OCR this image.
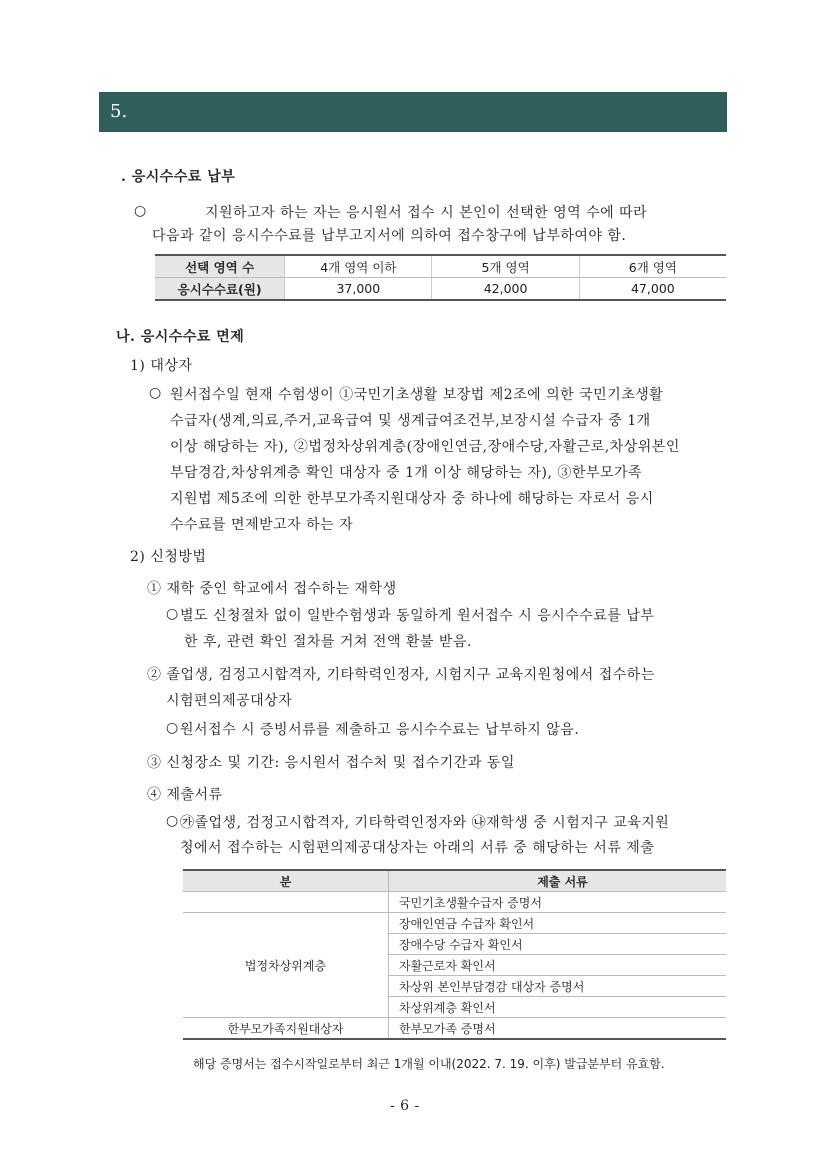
5.
. 응시수수료 납부
○	지원하고자 하는 자는 응시원서 접수 시 본인이 선택한 영역 수에 따라
다음과 같이 응시수수료를 납부고지서에 의하여 접수창구에 납부하여야 함.
선택 영역 수	4개 영역 이하	5개 영역	6개 영역
응시수수료(원)	37,000	42,000	47,000
나. 응시수수료 면제
1) 대상자
○ 원서접수일 현재 수험생이 ①국민기초생활 보장법 제2조에 의한 국민기초생활
수급자(생계,의료,주거,교육급여 및 생계급여조건부,보장시설 수급자 중 1개
이상 해당하는 자), ②법정차상위계층(장애인연금,장애수당,자활근로,차상위본인
부담경감,차상위계층 확인 대상자 중 1개 이상 해당하는 자), ③한부모가족
지원법 제5조에 의한 한부모가족지원대상자 중 하나에 해당하는 자로서 응시
수수료를 면제받고자 하는 자
2) 신청방법
① 재학 중인 학교에서 접수하는 재학생
○ 별도 신청절차 없이 일반수험생과 동일하게 원서접수 시 응시수수료를 납부
한 후, 관련 확인 절차를 거쳐 전액 환불 받음.
② 졸업생, 검정고시합격자, 기타학력인정자, 시험지구 교육지원청에서 접수하는
시험편의제공대상자
○ 원서접수 시 증빙서류를 제출하고 응시수수료는 납부하지 않음.
③ 신청장소 및 기간: 응시원서 접수처 및 접수기간과 동일
④ 제출서류
○ ㉮졸업생, 검정고시합격자, 기타학력인정자와 ㉯재학생 중 시험지구 교육지원
청에서 접수하는 시험편의제공대상자는 아래의 서류 중 해당하는 서류 제출
분	제출 서류
	국민기초생활수급자 증명서
법정차상위계층	장애인연금 수급자 확인서
	장애수당 수급자 확인서
	자활근로자 확인서
	차상위 본인부담경감 대상자 증명서
	차상위계층 확인서
한부모가족지원대상자	한부모가족 증명서
해당 증명서는 접수시작일로부터 최근 1개월 이내(2022. 7. 19. 이후) 발급분부터 유효함.
- 6 -
